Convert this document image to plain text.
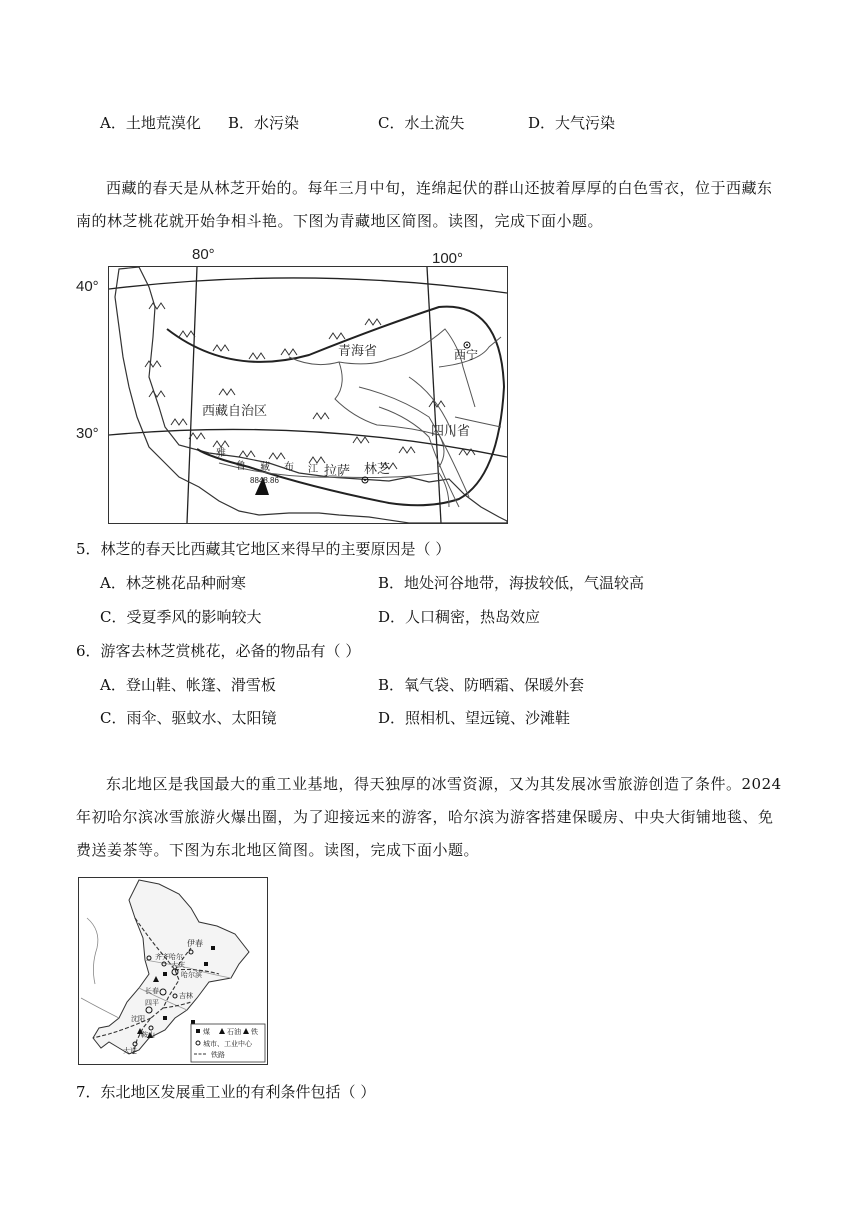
A．土地荒漠化 B．水污染	C．水土流失	D．大气污染
西藏的春天是从林芝开始的。每年三月中旬，连绵起伏的群山还披着厚厚的白色雪衣，位于西藏东南的林芝桃花就开始争相斗艳。下图为青藏地区简图。读图，完成下面小题。
80°	100°
40°
30°
青海省	西宁
西藏自治区
四川省
拉萨 林芝
8848.86
雅
鲁 藏 布 江
5．林芝的春天比西藏其它地区来得早的主要原因是（ ）
A．林芝桃花品种耐寒	B．地处河谷地带，海拔较低，气温较高
C．受夏季风的影响较大	D．人口稠密，热岛效应
6．游客去林芝赏桃花，必备的物品有（ ）
A．登山鞋、帐篷、滑雪板	B．氧气袋、防晒霜、保暖外套
C．雨伞、驱蚊水、太阳镜	D．照相机、望远镜、沙滩鞋
东北地区是我国最大的重工业基地，得天独厚的冰雪资源，又为其发展冰雪旅游创造了条件。2024年初哈尔滨冰雪旅游火爆出圈，为了迎接远来的游客，哈尔滨为游客搭建保暖房、中央大街铺地毯、免费送姜茶等。下图为东北地区简图。读图，完成下面小题。
伊春
齐齐哈尔
大庆
哈尔滨
长春
吉林
四平
沈阳
鞍山
大连
煤 石油 铁
城市、工业中心
铁路
7．东北地区发展重工业的有利条件包括（ ）
